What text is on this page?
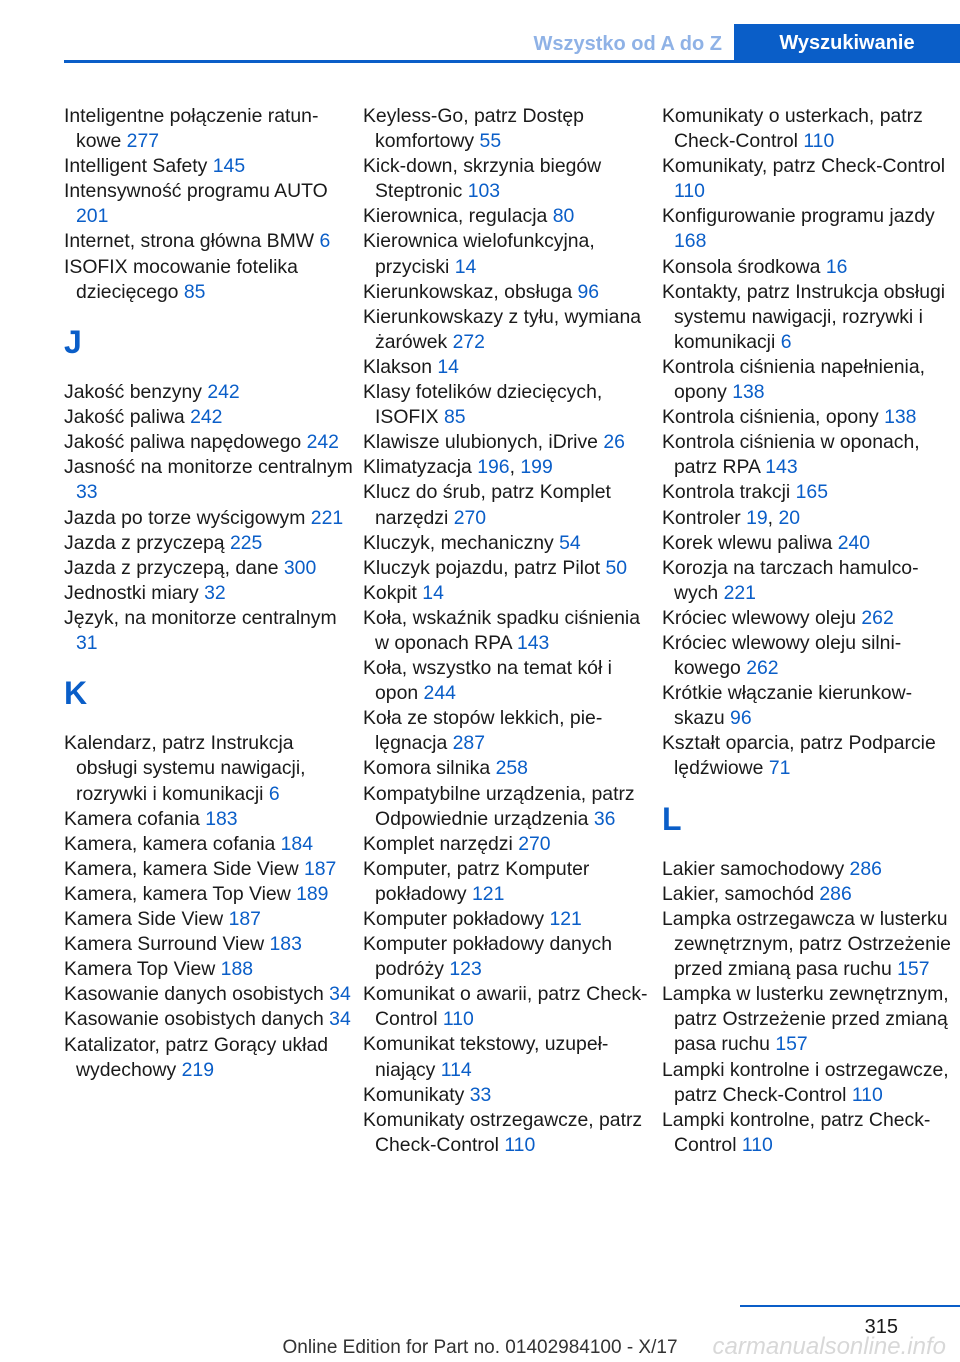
Wszystko od A do Z	Wyszukiwanie
Inteligentne połączenie ratunkowe 277
Intelligent Safety 145
Intensywność programu AUTO 201
Internet, strona główna BMW 6
ISOFIX mocowanie fotelika dziecięcego 85
J
Jakość benzyny 242
Jakość paliwa 242
Jakość paliwa napędowego 242
Jasność na monitorze centralnym 33
Jazda po torze wyścigowym 221
Jazda z przyczepą 225
Jazda z przyczepą, dane 300
Jednostki miary 32
Język, na monitorze centralnym 31
K
Kalendarz, patrz Instrukcja obsługi systemu nawigacji, rozrywki i komunikacji 6
Kamera cofania 183
Kamera, kamera cofania 184
Kamera, kamera Side View 187
Kamera, kamera Top View 189
Kamera Side View 187
Kamera Surround View 183
Kamera Top View 188
Kasowanie danych osobistych 34
Kasowanie osobistych danych 34
Katalizator, patrz Gorący układ wydechowy 219
Keyless-Go, patrz Dostęp komfortowy 55
Kick-down, skrzynia biegów Steptronic 103
Kierownica, regulacja 80
Kierownica wielofunkcyjna, przyciski 14
Kierunkowskaz, obsługa 96
Kierunkowskazy z tyłu, wymiana żarówek 272
Klakson 14
Klasy fotelików dziecięcych, ISOFIX 85
Klawisze ulubionych, iDrive 26
Klimatyzacja 196, 199
Klucz do śrub, patrz Komplet narzędzi 270
Kluczyk, mechaniczny 54
Kluczyk pojazdu, patrz Pilot 50
Kokpit 14
Koła, wskaźnik spadku ciśnienia w oponach RPA 143
Koła, wszystko na temat kół i opon 244
Koła ze stopów lekkich, pielęgnacja 287
Komora silnika 258
Kompatybilne urządzenia, patrz Odpowiednie urządzenia 36
Komplet narzędzi 270
Komputer, patrz Komputer pokładowy 121
Komputer pokładowy 121
Komputer pokładowy danych podróży 123
Komunikat o awarii, patrz Check-Control 110
Komunikat tekstowy, uzupełniający 114
Komunikaty 33
Komunikaty ostrzegawcze, patrz Check-Control 110
Komunikaty o usterkach, patrz Check-Control 110
Komunikaty, patrz Check-Control 110
Konfigurowanie programu jazdy 168
Konsola środkowa 16
Kontakty, patrz Instrukcja obsługi systemu nawigacji, rozrywki i komunikacji 6
Kontrola ciśnienia napełnienia, opony 138
Kontrola ciśnienia, opony 138
Kontrola ciśnienia w oponach, patrz RPA 143
Kontrola trakcji 165
Kontroler 19, 20
Korek wlewu paliwa 240
Korozja na tarczach hamulcowych 221
Króciec wlewowy oleju 262
Króciec wlewowy oleju silnikowego 262
Krótkie włączanie kierunkowskazu 96
Kształt oparcia, patrz Podparcie lędźwiowe 71
L
Lakier samochodowy 286
Lakier, samochód 286
Lampka ostrzegawcza w lusterku zewnętrznym, patrz Ostrzeżenie przed zmianą pasa ruchu 157
Lampka w lusterku zewnętrznym, patrz Ostrzeżenie przed zmianą pasa ruchu 157
Lampki kontrolne i ostrzegawcze, patrz Check-Control 110
Lampki kontrolne, patrz Check-Control 110
315
Online Edition for Part no. 01402984100 - X/17	carmanualsonline.info
